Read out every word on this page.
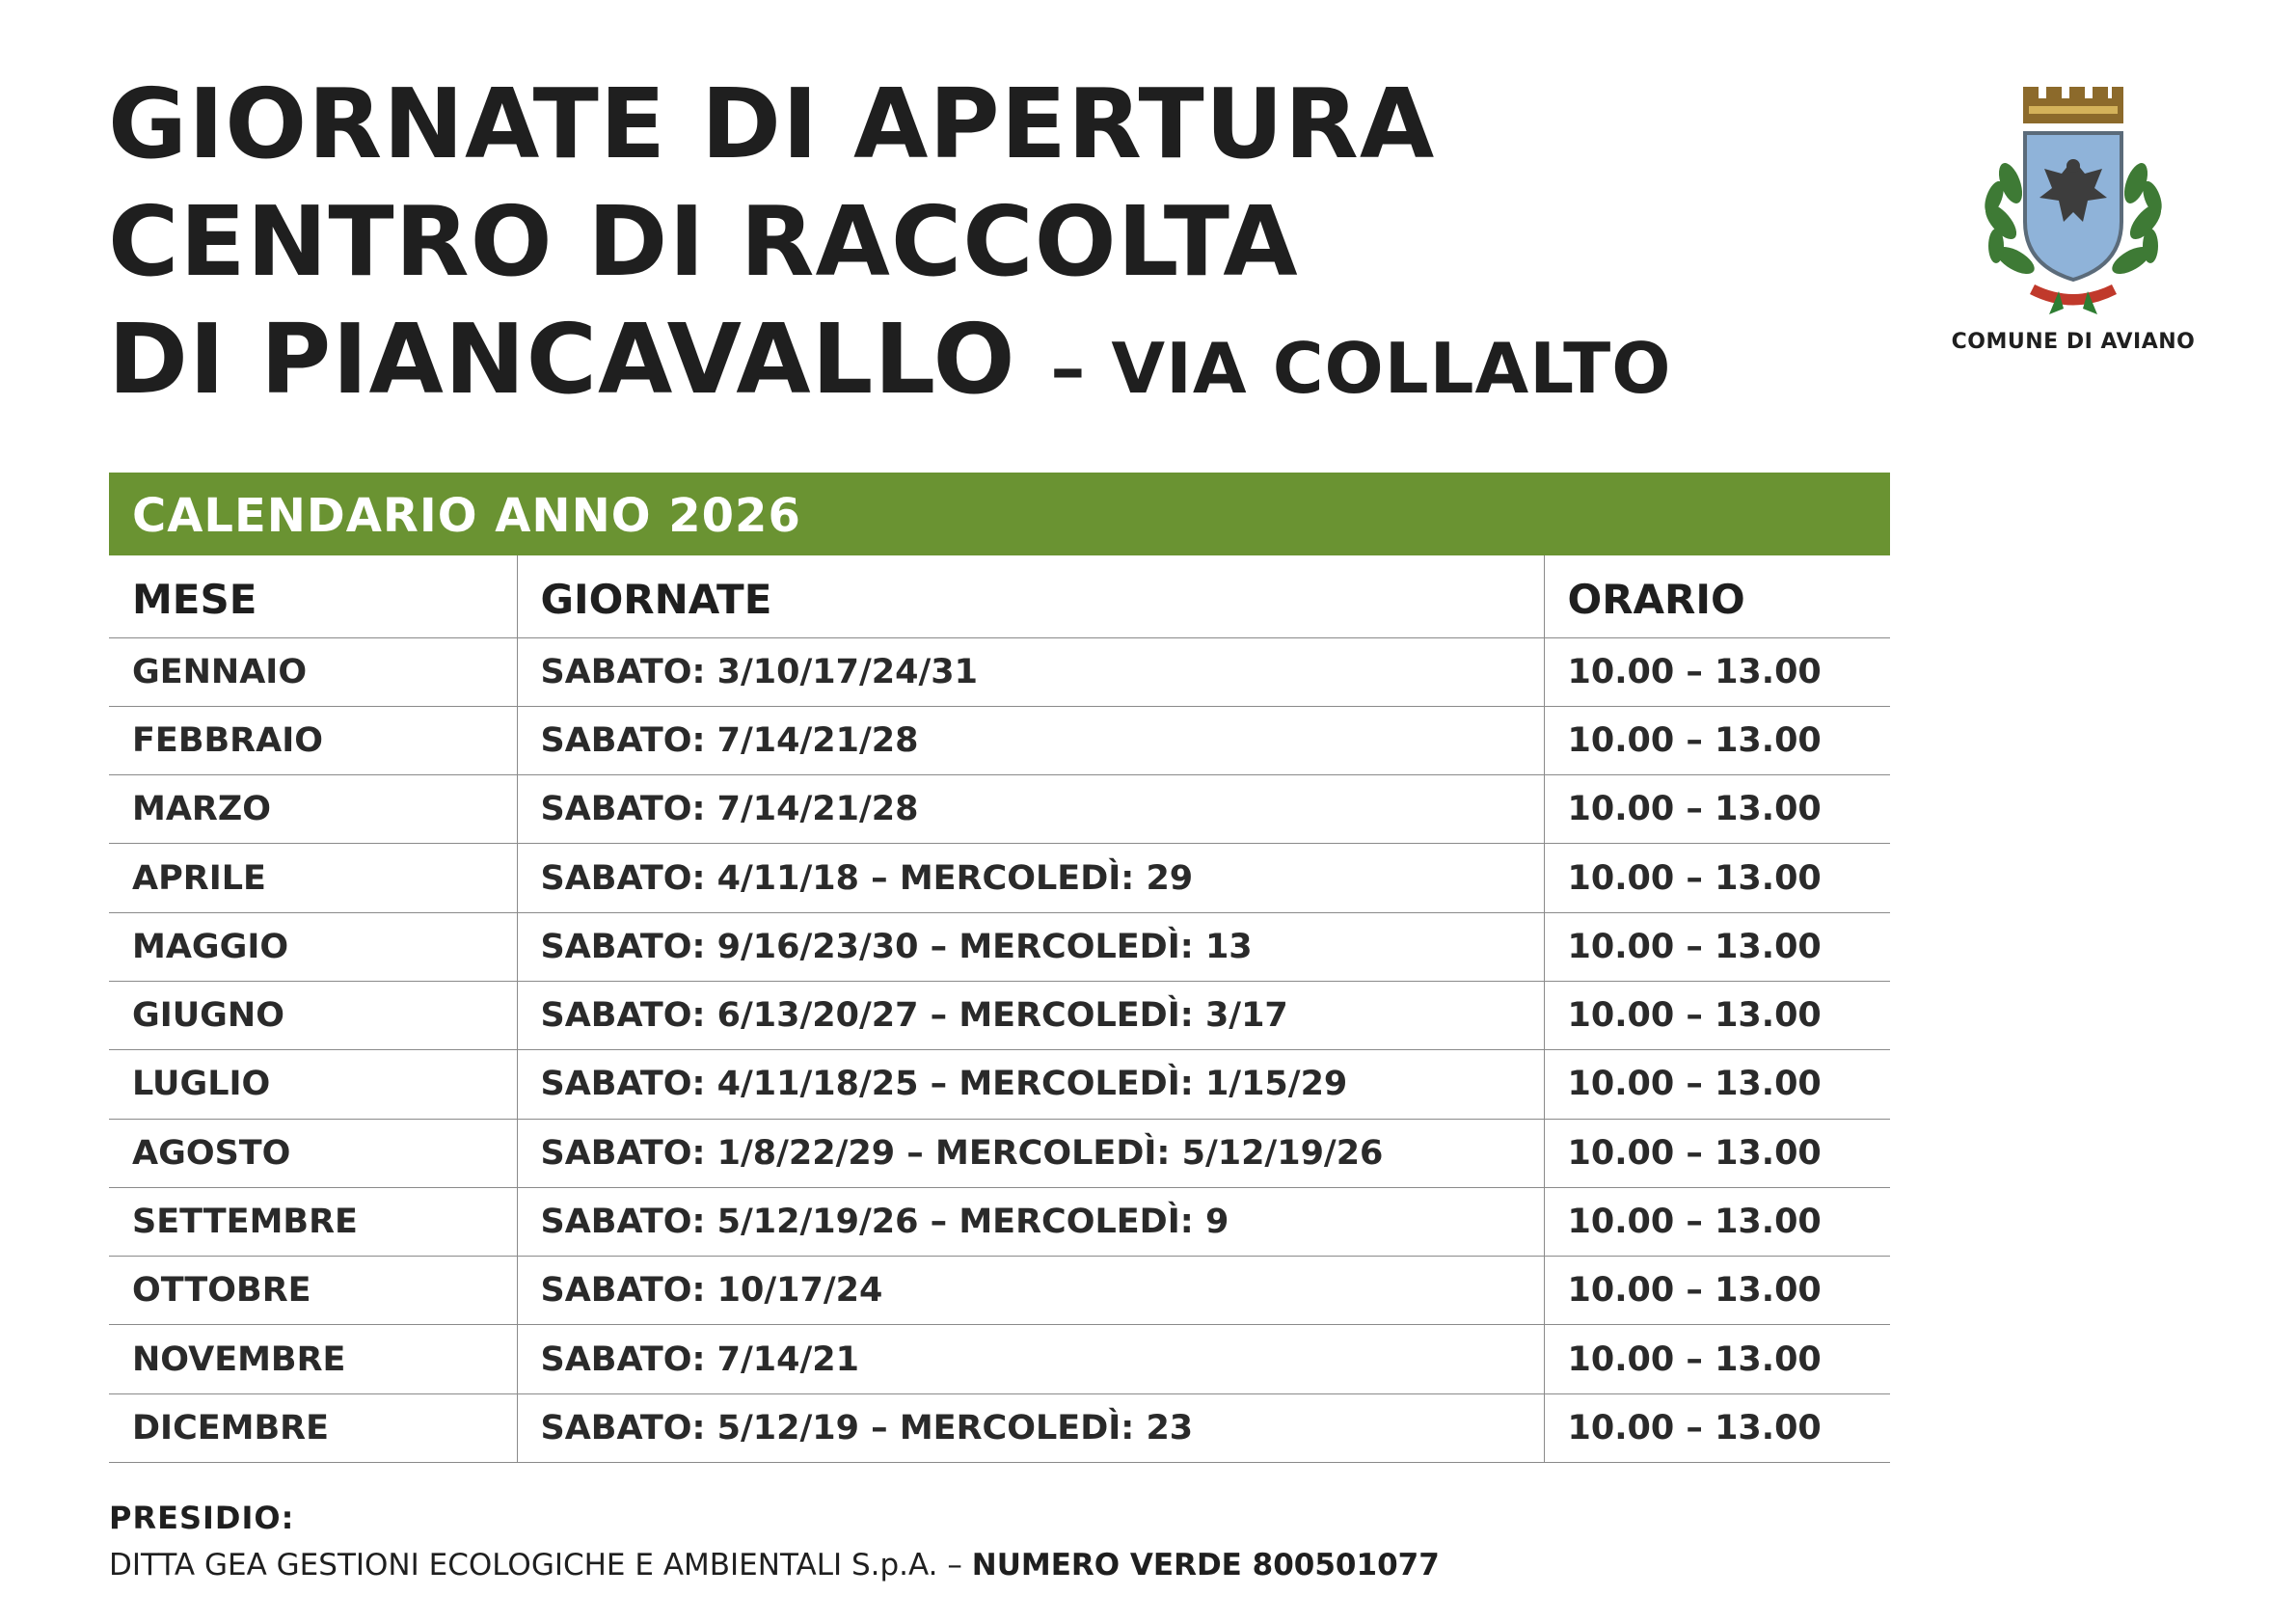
GIORNATE DI APERTURA
CENTRO DI RACCOLTA
DI PIANCAVALLO – VIA COLLALTO	COMUNE DI AVIANO
CALENDARIO ANNO 2026
MESE	GIORNATE	ORARIO
GENNAIO	SABATO: 3/10/17/24/31	10.00 – 13.00
FEBBRAIO	SABATO: 7/14/21/28	10.00 – 13.00
MARZO	SABATO: 7/14/21/28	10.00 – 13.00
APRILE	SABATO: 4/11/18 – MERCOLEDÌ: 29	10.00 – 13.00
MAGGIO	SABATO: 9/16/23/30 – MERCOLEDÌ: 13	10.00 – 13.00
GIUGNO	SABATO: 6/13/20/27 – MERCOLEDÌ: 3/17	10.00 – 13.00
LUGLIO	SABATO: 4/11/18/25 – MERCOLEDÌ: 1/15/29	10.00 – 13.00
AGOSTO	SABATO: 1/8/22/29 – MERCOLEDÌ: 5/12/19/26	10.00 – 13.00
SETTEMBRE	SABATO: 5/12/19/26 – MERCOLEDÌ: 9	10.00 – 13.00
OTTOBRE	SABATO: 10/17/24	10.00 – 13.00
NOVEMBRE	SABATO: 7/14/21	10.00 – 13.00
DICEMBRE	SABATO: 5/12/19 – MERCOLEDÌ: 23	10.00 – 13.00
PRESIDIO:
DITTA GEA GESTIONI ECOLOGICHE E AMBIENTALI S.p.A. – NUMERO VERDE 800501077
